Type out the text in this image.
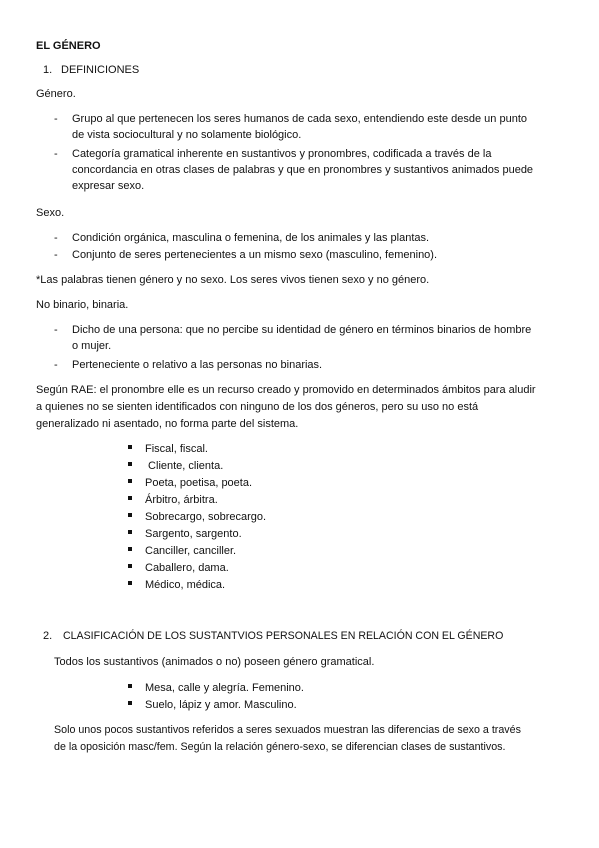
EL GÉNERO
1. DEFINICIONES
Género.
- Grupo al que pertenecen los seres humanos de cada sexo, entendiendo este desde un punto
de vista sociocultural y no solamente biológico.
- Categoría gramatical inherente en sustantivos y pronombres, codificada a través de la
concordancia en otras clases de palabras y que en pronombres y sustantivos animados puede
expresar sexo.
Sexo.
- Condición orgánica, masculina o femenina, de los animales y las plantas.
- Conjunto de seres pertenecientes a un mismo sexo (masculino, femenino).
*Las palabras tienen género y no sexo. Los seres vivos tienen sexo y no género.
No binario, binaria.
- Dicho de una persona: que no percibe su identidad de género en términos binarios de hombre
o mujer.
- Perteneciente o relativo a las personas no binarias.
Según RAE: el pronombre elle es un recurso creado y promovido en determinados ámbitos para aludir
a quienes no se sienten identificados con ninguno de los dos géneros, pero su uso no está
generalizado ni asentado, no forma parte del sistema.
Fiscal, fiscal.
Cliente, clienta.
Poeta, poetisa, poeta.
Árbitro, árbitra.
Sobrecargo, sobrecargo.
Sargento, sargento.
Canciller, canciller.
Caballero, dama.
Médico, médica.
2. CLASIFICACIÓN DE LOS SUSTANTVIOS PERSONALES EN RELACIÓN CON EL GÉNERO
Todos los sustantivos (animados o no) poseen género gramatical.
Mesa, calle y alegría. Femenino.
Suelo, lápiz y amor. Masculino.
Solo unos pocos sustantivos referidos a seres sexuados muestran las diferencias de sexo a través
de la oposición masc/fem. Según la relación género-sexo, se diferencian clases de sustantivos.
